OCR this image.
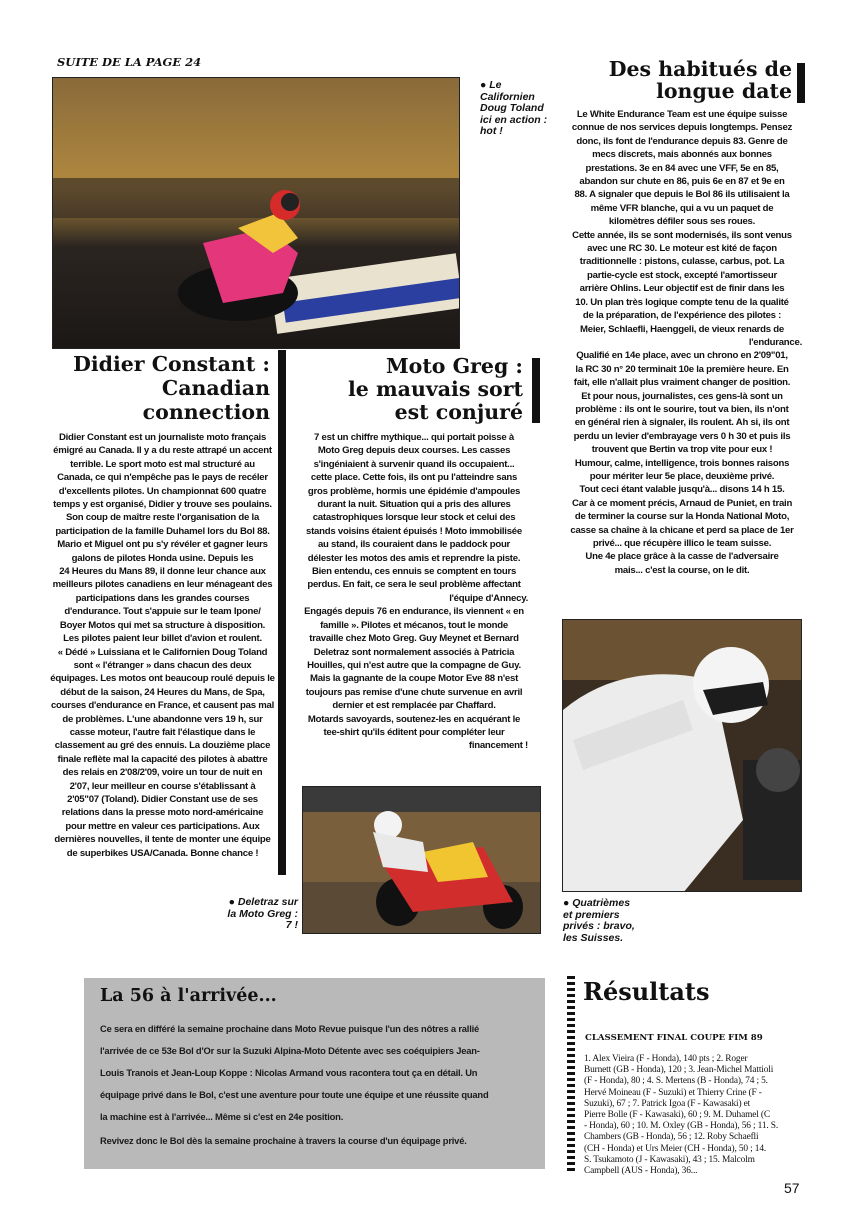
SUITE DE LA PAGE 24
● Le
Californien
Doug Toland
ici en action :
hot !
Des habitués de
longue date

Le White Endurance Team est une équipe suisse

connue de nos services depuis longtemps. Pensez

donc, ils font de l'endurance depuis 83. Genre de

mecs discrets, mais abonnés aux bonnes

prestations. 3e en 84 avec une VFF, 5e en 85,

abandon sur chute en 86, puis 6e en 87 et 9e en

88. A signaler que depuis le Bol 86 ils utilisaient la

même VFR blanche, qui a vu un paquet de

kilomètres défiler sous ses roues.

Cette année, ils se sont modernisés, ils sont venus

avec une RC 30. Le moteur est kité de façon

traditionnelle : pistons, culasse, carbus, pot. La

partie-cycle est stock, excepté l'amortisseur

arrière Ohlins. Leur objectif est de finir dans les

10. Un plan très logique compte tenu de la qualité

de la préparation, de l'expérience des pilotes :

Meier, Schlaefli, Haenggeli, de vieux renards de

l'endurance.

Qualifié en 14e place, avec un chrono en 2'09"01,

la RC 30 n° 20 terminait 10e la première heure. En

fait, elle n'allait plus vraiment changer de position.

Et pour nous, journalistes, ces gens-là sont un

problème : ils ont le sourire, tout va bien, ils n'ont

en général rien à signaler, ils roulent. Ah si, ils ont

perdu un levier d'embrayage vers 0 h 30 et puis ils

trouvent que Bertin va trop vite pour eux !

Humour, calme, intelligence, trois bonnes raisons

pour mériter leur 5e place, deuxième privé.

Tout ceci étant valable jusqu'à... disons 14 h 15.

Car à ce moment précis, Arnaud de Puniet, en train

de terminer la course sur la Honda National Moto,

casse sa chaîne à la chicane et perd sa place de 1er

privé... que récupère illico le team suisse.

Une 4e place grâce à la casse de l'adversaire

mais... c'est la course, on le dit.

Didier Constant :
Canadian
connection

Didier Constant est un journaliste moto français

émigré au Canada. Il y a du reste attrapé un accent

terrible. Le sport moto est mal structuré au

Canada, ce qui n'empêche pas le pays de recéler

d'excellents pilotes. Un championnat 600 quatre

temps y est organisé, Didier y trouve ses poulains.

Son coup de maître reste l'organisation de la

participation de la famille Duhamel lors du Bol 88.

Mario et Miguel ont pu s'y révéler et gagner leurs

galons de pilotes Honda usine. Depuis les

24 Heures du Mans 89, il donne leur chance aux

meilleurs pilotes canadiens en leur ménageant des

participations dans les grandes courses

d'endurance. Tout s'appuie sur le team Ipone/

Boyer Motos qui met sa structure à disposition.

Les pilotes paient leur billet d'avion et roulent.

« Dédé » Luissiana et le Californien Doug Toland

sont « l'étranger » dans chacun des deux

équipages. Les motos ont beaucoup roulé depuis le

début de la saison, 24 Heures du Mans, de Spa,

courses d'endurance en France, et causent pas mal

de problèmes. L'une abandonne vers 19 h, sur

casse moteur, l'autre fait l'élastique dans le

classement au gré des ennuis. La douzième place

finale reflète mal la capacité des pilotes à abattre

des relais en 2'08/2'09, voire un tour de nuit en

2'07, leur meilleur en course s'établissant à

2'05"07 (Toland). Didier Constant use de ses

relations dans la presse moto nord-américaine

pour mettre en valeur ces participations. Aux

dernières nouvelles, il tente de monter une équipe

de superbikes USA/Canada. Bonne chance !

Moto Greg :
le mauvais sort
est conjuré

7 est un chiffre mythique... qui portait poisse à

Moto Greg depuis deux courses. Les casses

s'ingéniaient à survenir quand ils occupaient...

cette place. Cette fois, ils ont pu l'atteindre sans

gros problème, hormis une épidémie d'ampoules

durant la nuit. Situation qui a pris des allures

catastrophiques lorsque leur stock et celui des

stands voisins étaient épuisés ! Moto immobilisée

au stand, ils couraient dans le paddock pour

délester les motos des amis et reprendre la piste.

Bien entendu, ces ennuis se comptent en tours

perdus. En fait, ce sera le seul problème affectant

l'équipe d'Annecy.

Engagés depuis 76 en endurance, ils viennent « en

famille ». Pilotes et mécanos, tout le monde

travaille chez Moto Greg. Guy Meynet et Bernard

Deletraz sont normalement associés à Patricia

Houilles, qui n'est autre que la compagne de Guy.

Mais la gagnante de la coupe Motor Eve 88 n'est

toujours pas remise d'une chute survenue en avril

dernier et est remplacée par Chaffard.

Motards savoyards, soutenez-les en acquérant le

tee-shirt qu'ils éditent pour compléter leur

financement !

● Quatrièmes
et premiers
privés : bravo,
les Suisses.
● Deletraz sur
la Moto Greg :
7 !
La 56 à l'arrivée...

Ce sera en différé la semaine prochaine dans Moto Revue puisque l'un des nôtres a rallié

l'arrivée de ce 53e Bol d'Or sur la Suzuki Alpina-Moto Détente avec ses coéquipiers Jean-

Louis Tranois et Jean-Loup Koppe : Nicolas Armand vous racontera tout ça en détail. Un

équipage privé dans le Bol, c'est une aventure pour toute une équipe et une réussite quand

la machine est à l'arrivée... Même si c'est en 24e position.

Revivez donc le Bol dès la semaine prochaine à travers la course d'un équipage privé.

Résultats
CLASSEMENT FINAL COUPE FIM 89

1. Alex Vieira (F - Honda), 140 pts ; 2. Roger

Burnett (GB - Honda), 120 ; 3. Jean-Michel Mattioli

(F - Honda), 80 ; 4. S. Mertens (B - Honda), 74 ; 5.

Hervé Moineau (F - Suzuki) et Thierry Crine (F -

Suzuki), 67 ; 7. Patrick Igoa (F - Kawasaki) et

Pierre Bolle (F - Kawasaki), 60 ; 9. M. Duhamel (C

- Honda), 60 ; 10. M. Oxley (GB - Honda), 56 ; 11. S.

Chambers (GB - Honda), 56 ; 12. Roby Schaefli

(CH - Honda) et Urs Meier (CH - Honda), 50 ; 14.

S. Tsukamoto (J - Kawasaki), 43 ; 15. Malcolm

Campbell (AUS - Honda), 36...

57
